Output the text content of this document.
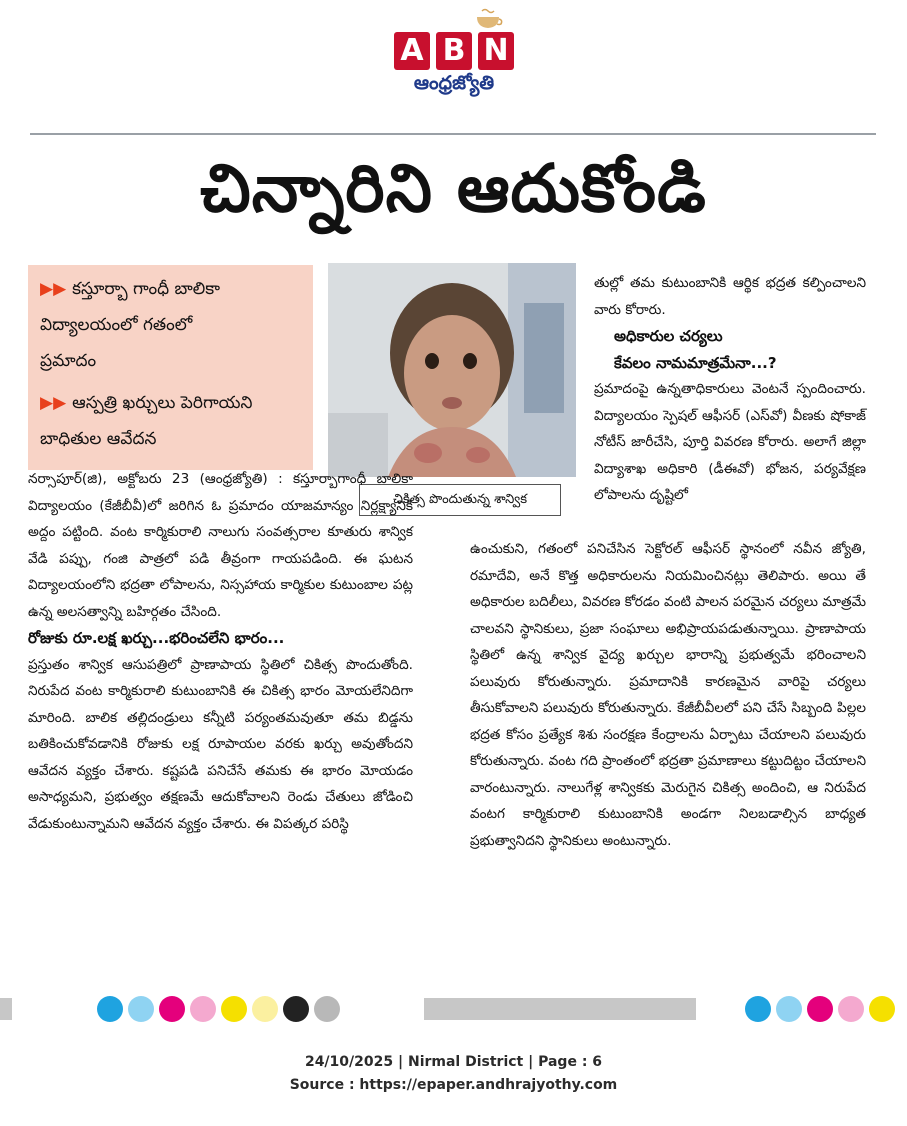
A B N
ఆంధ్రజ్యోతి
చిన్నారిని ఆదుకోండి
▶▶ కస్తూర్బా గాంధీ బాలికా
విద్యాలయంలో గతంలో
ప్రమాదం
▶▶ ఆస్పత్రి ఖర్చులు పెరిగాయని
బాధితుల ఆవేదన
చికిత్స పొందుతున్న శాన్విక

నర్సాపూర్(జి), అక్టోబరు 23 (ఆంధ్రజ్యోతి) : కస్తూర్బాగాంధీ బాలికా విద్యాలయం (కేజీబీవీ)లో జరిగిన ఓ ప్రమాదం యాజమాన్యం నిర్లక్ష్యానికి అద్దం పట్టింది. వంట కార్మికురాలి నాలుగు సంవత్సరాల కూతురు శాన్విక వేడి పప్పు, గంజి పాత్రలో పడి తీవ్రంగా గాయపడింది. ఈ ఘటన విద్యాలయంలోని భద్రతా లోపాలను, నిస్సహాయ కార్మికుల కుటుంబాల పట్ల ఉన్న అలసత్వాన్ని బహిర్గతం చేసింది.

రోజుకు రూ.లక్ష ఖర్చు...భరించలేని భారం...

ప్రస్తుతం శాన్విక ఆసుపత్రిలో ప్రాణాపాయ స్థితిలో చికిత్స పొందుతోంది. నిరుపేద వంట కార్మికురాలి కుటుంబానికి ఈ చికిత్స భారం మోయలేనిదిగా మారింది. బాలిక తల్లిదండ్రులు కన్నీటి పర్యంతమవుతూ తమ బిడ్డను బతికించుకోవడానికి రోజుకు లక్ష రూపాయల వరకు ఖర్చు అవుతోందని ఆవేదన వ్యక్తం చేశారు. కష్టపడి పనిచేసే తమకు ఈ భారం మోయడం అసాధ్యమని, ప్రభుత్వం తక్షణమే ఆదుకోవాలని రెండు చేతులు జోడించి వేడుకుంటున్నామని ఆవేదన వ్యక్తం చేశారు. ఈ విపత్కర పరిస్థి

తుల్లో తమ కుటుంబానికి ఆర్థిక భద్రత కల్పించాలని వారు కోరారు.

అధికారుల చర్యలు

కేవలం నామమాత్రమేనా...?

ప్రమాదంపై ఉన్నతాధికారులు వెంటనే స్పందించారు. విద్యాలయం స్పెషల్ ఆఫీసర్ (ఎస్‌వో) వీణకు షోకాజ్ నోటీస్ జారీచేసి, పూర్తి వివరణ కోరారు. అలాగే జిల్లా విద్యాశాఖ అధికారి (డీఈవో) భోజన, పర్యవేక్షణ లోపాలను దృష్టిలో

ఉంచుకుని, గతంలో పనిచేసిన సెక్టోరల్ ఆఫీసర్ స్థానంలో నవీన జ్యోతి, రమాదేవి, అనే కొత్త అధికారులను నియమించినట్లు తెలిపారు. అయి తే అధికారుల బదిలీలు, వివరణ కోరడం వంటి పాలన పరమైన చర్యలు మాత్రమే చాలవని స్థానికులు, ప్రజా సంఘాలు అభిప్రాయపడుతున్నాయి. ప్రాణాపాయ స్థితిలో ఉన్న శాన్విక వైద్య ఖర్చుల భారాన్ని ప్రభుత్వమే భరించాలని పలువురు కోరుతున్నారు. ప్రమాదానికి కారణమైన వారిపై చర్యలు తీసుకోవాలని పలువురు కోరుతున్నారు. కేజీబీవీలలో పని చేసే సిబ్బంది పిల్లల భద్రత కోసం ప్రత్యేక శిశు సంరక్షణ కేంద్రాలను ఏర్పాటు చేయాలని పలువురు కోరుతున్నారు. వంట గది ప్రాంతంలో భద్రతా ప్రమాణాలు కట్టుదిట్టం చేయాలని వారంటున్నారు. నాలుగేళ్ల శాన్వికకు మెరుగైన చికిత్స అందించి, ఆ నిరుపేద వంటగ కార్మికురాలి కుటుంబానికి అండగా నిలబడాల్సిన బాధ్యత ప్రభుత్వానిదని స్థానికులు అంటున్నారు.

24/10/2025 | Nirmal District | Page : 6
Source : https://epaper.andhrajyothy.com
